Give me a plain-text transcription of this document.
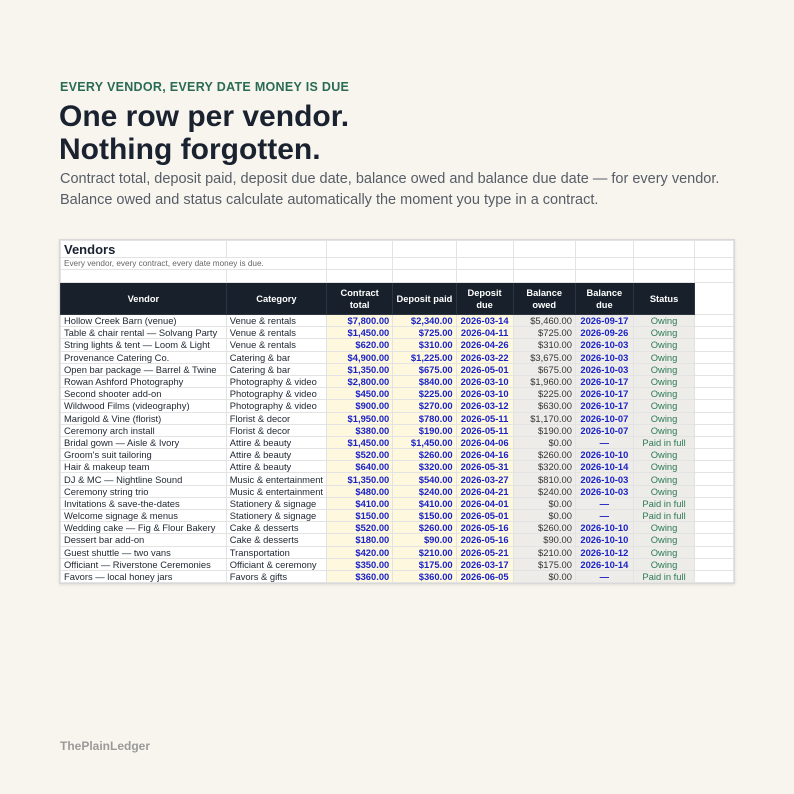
EVERY VENDOR, EVERY DATE MONEY IS DUE
One row per vendor.
Nothing forgotten.
Contract total, deposit paid, deposit due date, balance owed and balance due date — for every vendor.
Balance owed and status calculate automatically the moment you type in a contract.
Vendors								
Every vendor, every contract, every date money is due.								

Vendor	Category	Contract total	Deposit paid	Deposit due	Balance owed	Balance due	Status	
Hollow Creek Barn (venue)	Venue & rentals	$7,800.00	$2,340.00	2026-03-14	$5,460.00	2026-09-17	Owing	
Table & chair rental — Solvang Party	Venue & rentals	$1,450.00	$725.00	2026-04-11	$725.00	2026-09-26	Owing	
String lights & tent — Loom & Light	Venue & rentals	$620.00	$310.00	2026-04-26	$310.00	2026-10-03	Owing	
Provenance Catering Co.	Catering & bar	$4,900.00	$1,225.00	2026-03-22	$3,675.00	2026-10-03	Owing	
Open bar package — Barrel & Twine	Catering & bar	$1,350.00	$675.00	2026-05-01	$675.00	2026-10-03	Owing	
Rowan Ashford Photography	Photography & video	$2,800.00	$840.00	2026-03-10	$1,960.00	2026-10-17	Owing	
Second shooter add-on	Photography & video	$450.00	$225.00	2026-03-10	$225.00	2026-10-17	Owing	
Wildwood Films (videography)	Photography & video	$900.00	$270.00	2026-03-12	$630.00	2026-10-17	Owing	
Marigold & Vine (florist)	Florist & decor	$1,950.00	$780.00	2026-05-11	$1,170.00	2026-10-07	Owing	
Ceremony arch install	Florist & decor	$380.00	$190.00	2026-05-11	$190.00	2026-10-07	Owing	
Bridal gown — Aisle & Ivory	Attire & beauty	$1,450.00	$1,450.00	2026-04-06	$0.00	—	Paid in full	
Groom's suit tailoring	Attire & beauty	$520.00	$260.00	2026-04-16	$260.00	2026-10-10	Owing	
Hair & makeup team	Attire & beauty	$640.00	$320.00	2026-05-31	$320.00	2026-10-14	Owing	
DJ & MC — Nightline Sound	Music & entertainment	$1,350.00	$540.00	2026-03-27	$810.00	2026-10-03	Owing	
Ceremony string trio	Music & entertainment	$480.00	$240.00	2026-04-21	$240.00	2026-10-03	Owing	
Invitations & save-the-dates	Stationery & signage	$410.00	$410.00	2026-04-01	$0.00	—	Paid in full	
Welcome signage & menus	Stationery & signage	$150.00	$150.00	2026-05-01	$0.00	—	Paid in full	
Wedding cake — Fig & Flour Bakery	Cake & desserts	$520.00	$260.00	2026-05-16	$260.00	2026-10-10	Owing	
Dessert bar add-on	Cake & desserts	$180.00	$90.00	2026-05-16	$90.00	2026-10-10	Owing	
Guest shuttle — two vans	Transportation	$420.00	$210.00	2026-05-21	$210.00	2026-10-12	Owing	
Officiant — Riverstone Ceremonies	Officiant & ceremony	$350.00	$175.00	2026-03-17	$175.00	2026-10-14	Owing	
Favors — local honey jars	Favors & gifts	$360.00	$360.00	2026-06-05	$0.00	—	Paid in full	
ThePlainLedger
